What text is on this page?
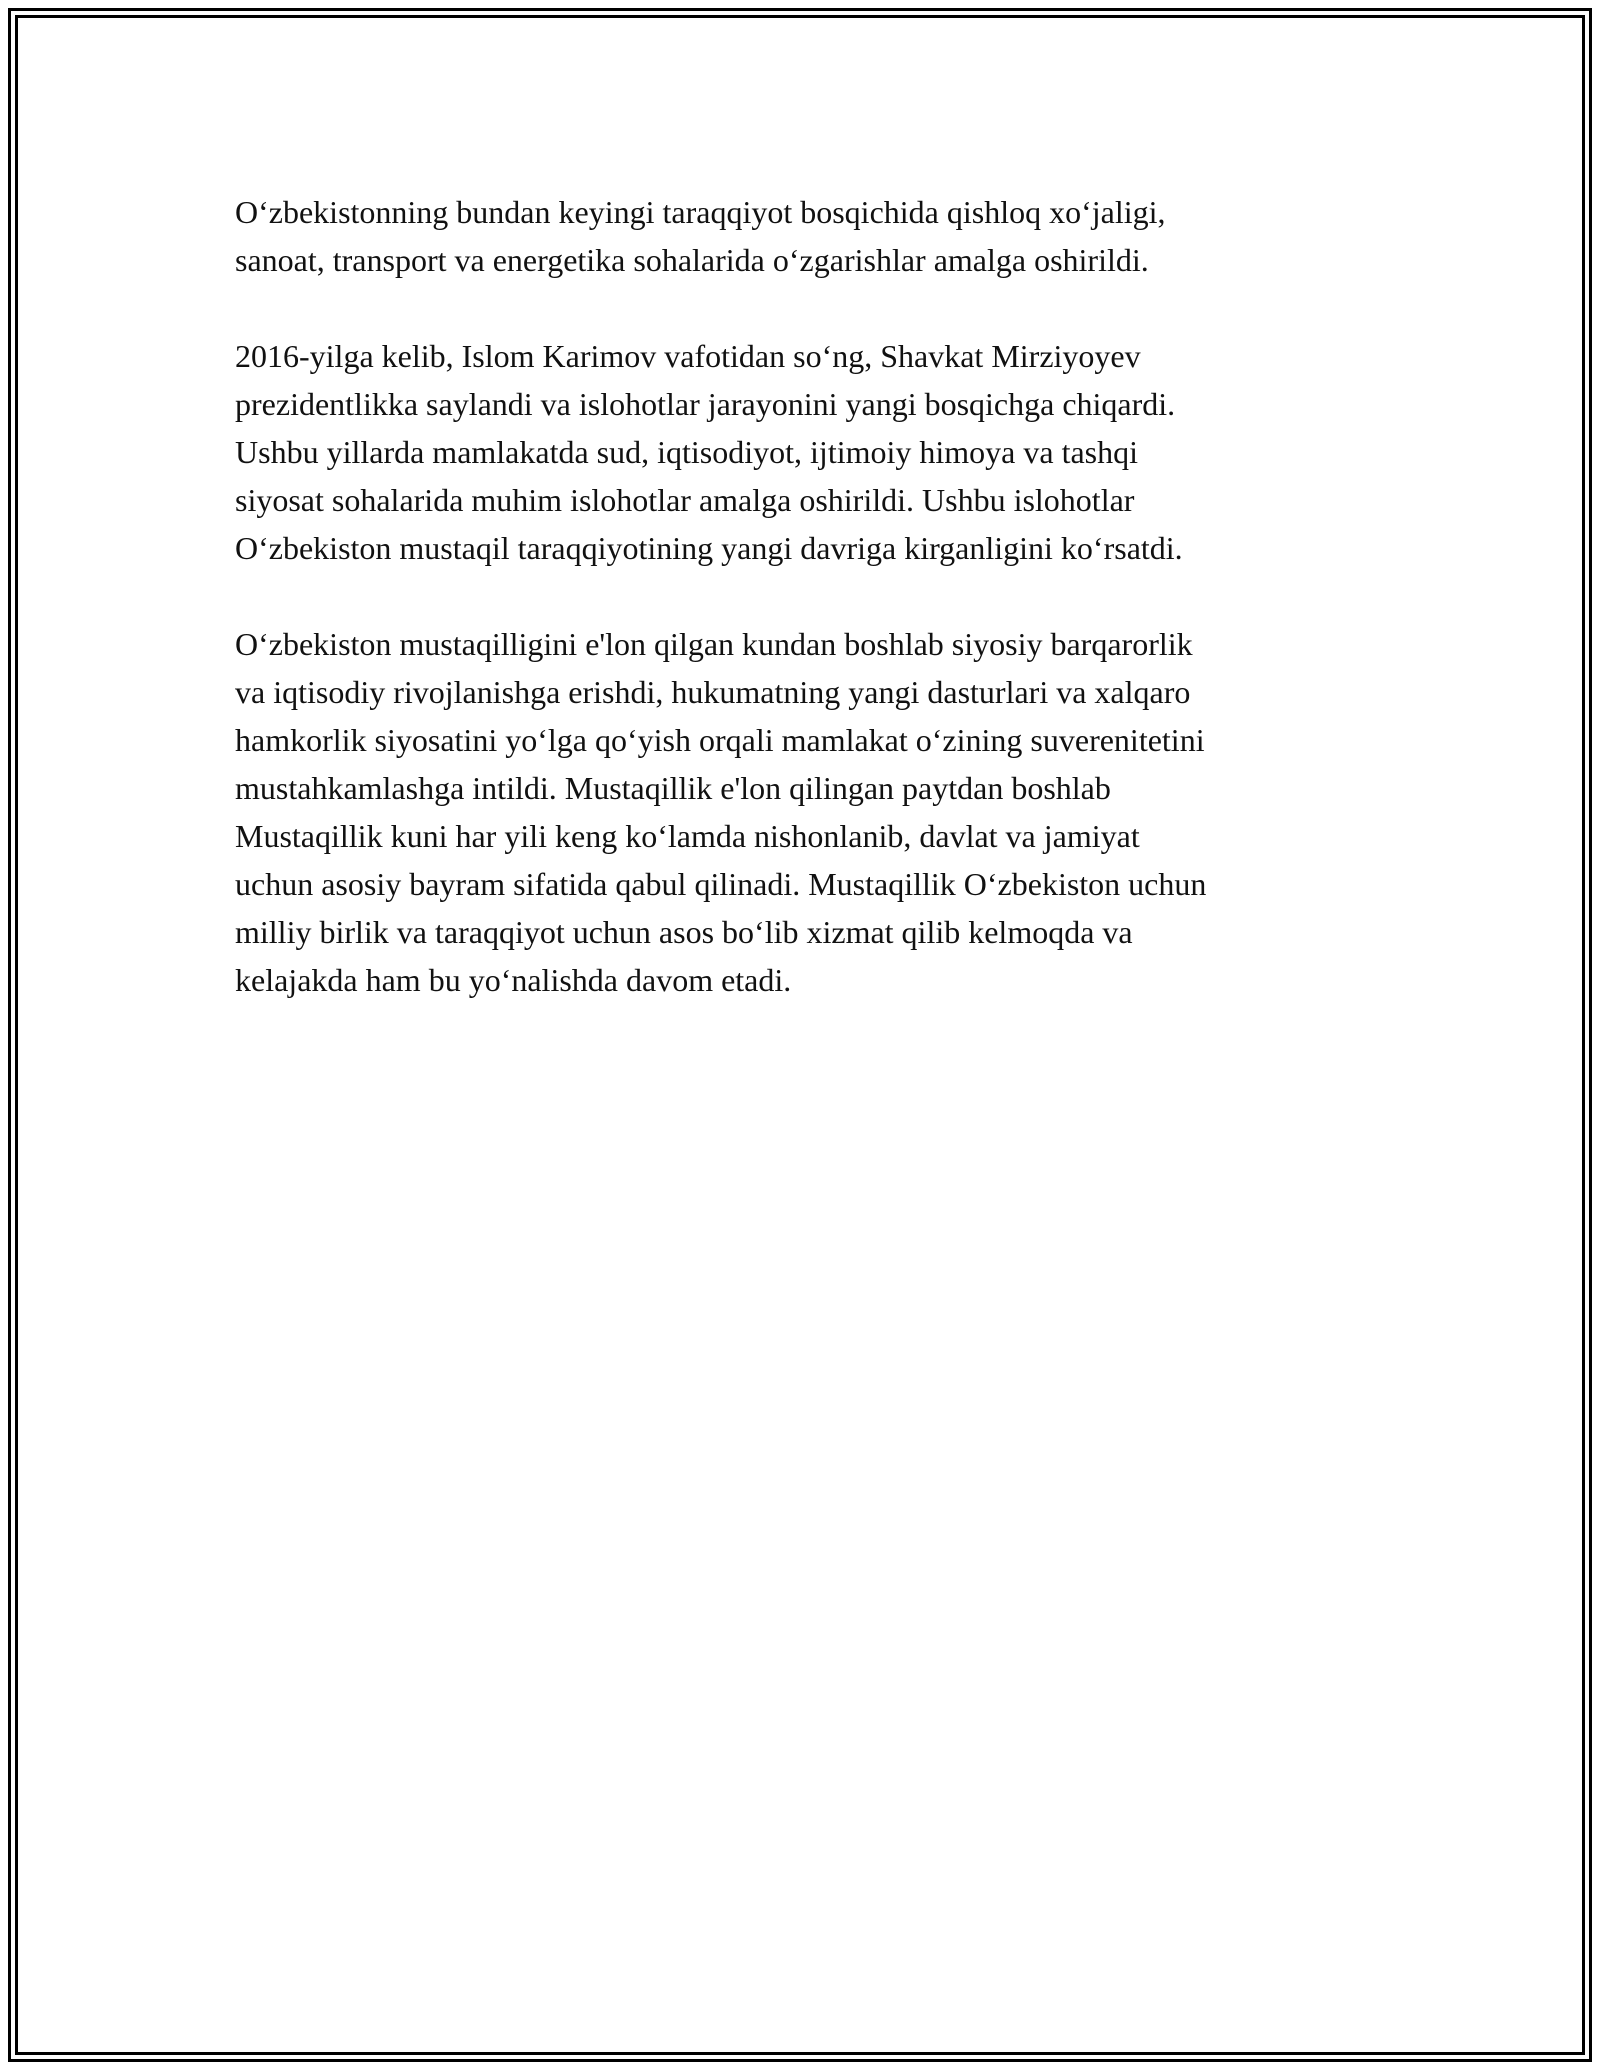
O‘zbekistonning bundan keyingi taraqqiyot bosqichida qishloq xo‘jaligi,
sanoat, transport va energetika sohalarida o‘zgarishlar amalga oshirildi.

2016-yilga kelib, Islom Karimov vafotidan so‘ng, Shavkat Mirziyoyev
prezidentlikka saylandi va islohotlar jarayonini yangi bosqichga chiqardi.
Ushbu yillarda mamlakatda sud, iqtisodiyot, ijtimoiy himoya va tashqi
siyosat sohalarida muhim islohotlar amalga oshirildi. Ushbu islohotlar
O‘zbekiston mustaqil taraqqiyotining yangi davriga kirganligini ko‘rsatdi.

O‘zbekiston mustaqilligini e'lon qilgan kundan boshlab siyosiy barqarorlik
va iqtisodiy rivojlanishga erishdi, hukumatning yangi dasturlari va xalqaro
hamkorlik siyosatini yo‘lga qo‘yish orqali mamlakat o‘zining suverenitetini
mustahkamlashga intildi. Mustaqillik e'lon qilingan paytdan boshlab
Mustaqillik kuni har yili keng ko‘lamda nishonlanib, davlat va jamiyat
uchun asosiy bayram sifatida qabul qilinadi. Mustaqillik O‘zbekiston uchun
milliy birlik va taraqqiyot uchun asos bo‘lib xizmat qilib kelmoqda va
kelajakda ham bu yo‘nalishda davom etadi.
